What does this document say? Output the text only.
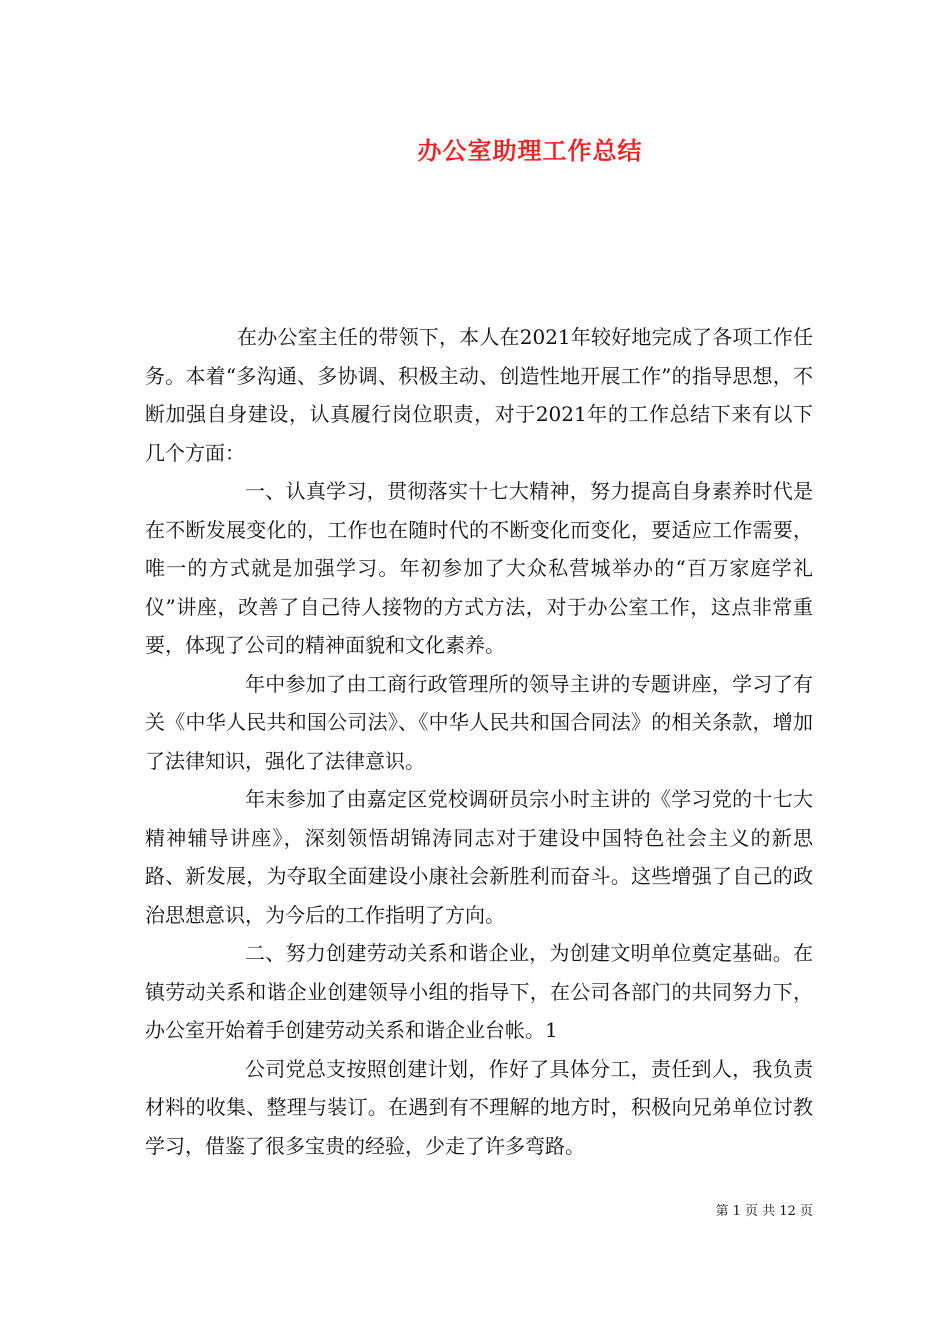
办公室助理工作总结

在办公室主任的带领下，本人在2021年较好地完成了各项工作任务。本着“多沟通、多协调、积极主动、创造性地开展工作”的指导思想，不断加强自身建设，认真履行岗位职责，对于2021年的工作总结下来有以下几个方面：

一、认真学习，贯彻落实十七大精神，努力提高自身素养时代是在不断发展变化的，工作也在随时代的不断变化而变化，要适应工作需要，唯一的方式就是加强学习。年初参加了大众私营城举办的“百万家庭学礼仪”讲座，改善了自己待人接物的方式方法，对于办公室工作，这点非常重要，体现了公司的精神面貌和文化素养。

年中参加了由工商行政管理所的领导主讲的专题讲座，学习了有关《中华人民共和国公司法》、《中华人民共和国合同法》的相关条款，增加了法律知识，强化了法律意识。

年末参加了由嘉定区党校调研员宗小时主讲的《学习党的十七大精神辅导讲座》，深刻领悟胡锦涛同志对于建设中国特色社会主义的新思路、新发展，为夺取全面建设小康社会新胜利而奋斗。这些增强了自己的政治思想意识，为今后的工作指明了方向。

二、努力创建劳动关系和谐企业，为创建文明单位奠定基础。在镇劳动关系和谐企业创建领导小组的指导下，在公司各部门的共同努力下，办公室开始着手创建劳动关系和谐企业台帐。1

公司党总支按照创建计划，作好了具体分工，责任到人，我负责材料的收集、整理与装订。在遇到有不理解的地方时，积极向兄弟单位讨教学习，借鉴了很多宝贵的经验，少走了许多弯路。

第 1 页 共 12 页
